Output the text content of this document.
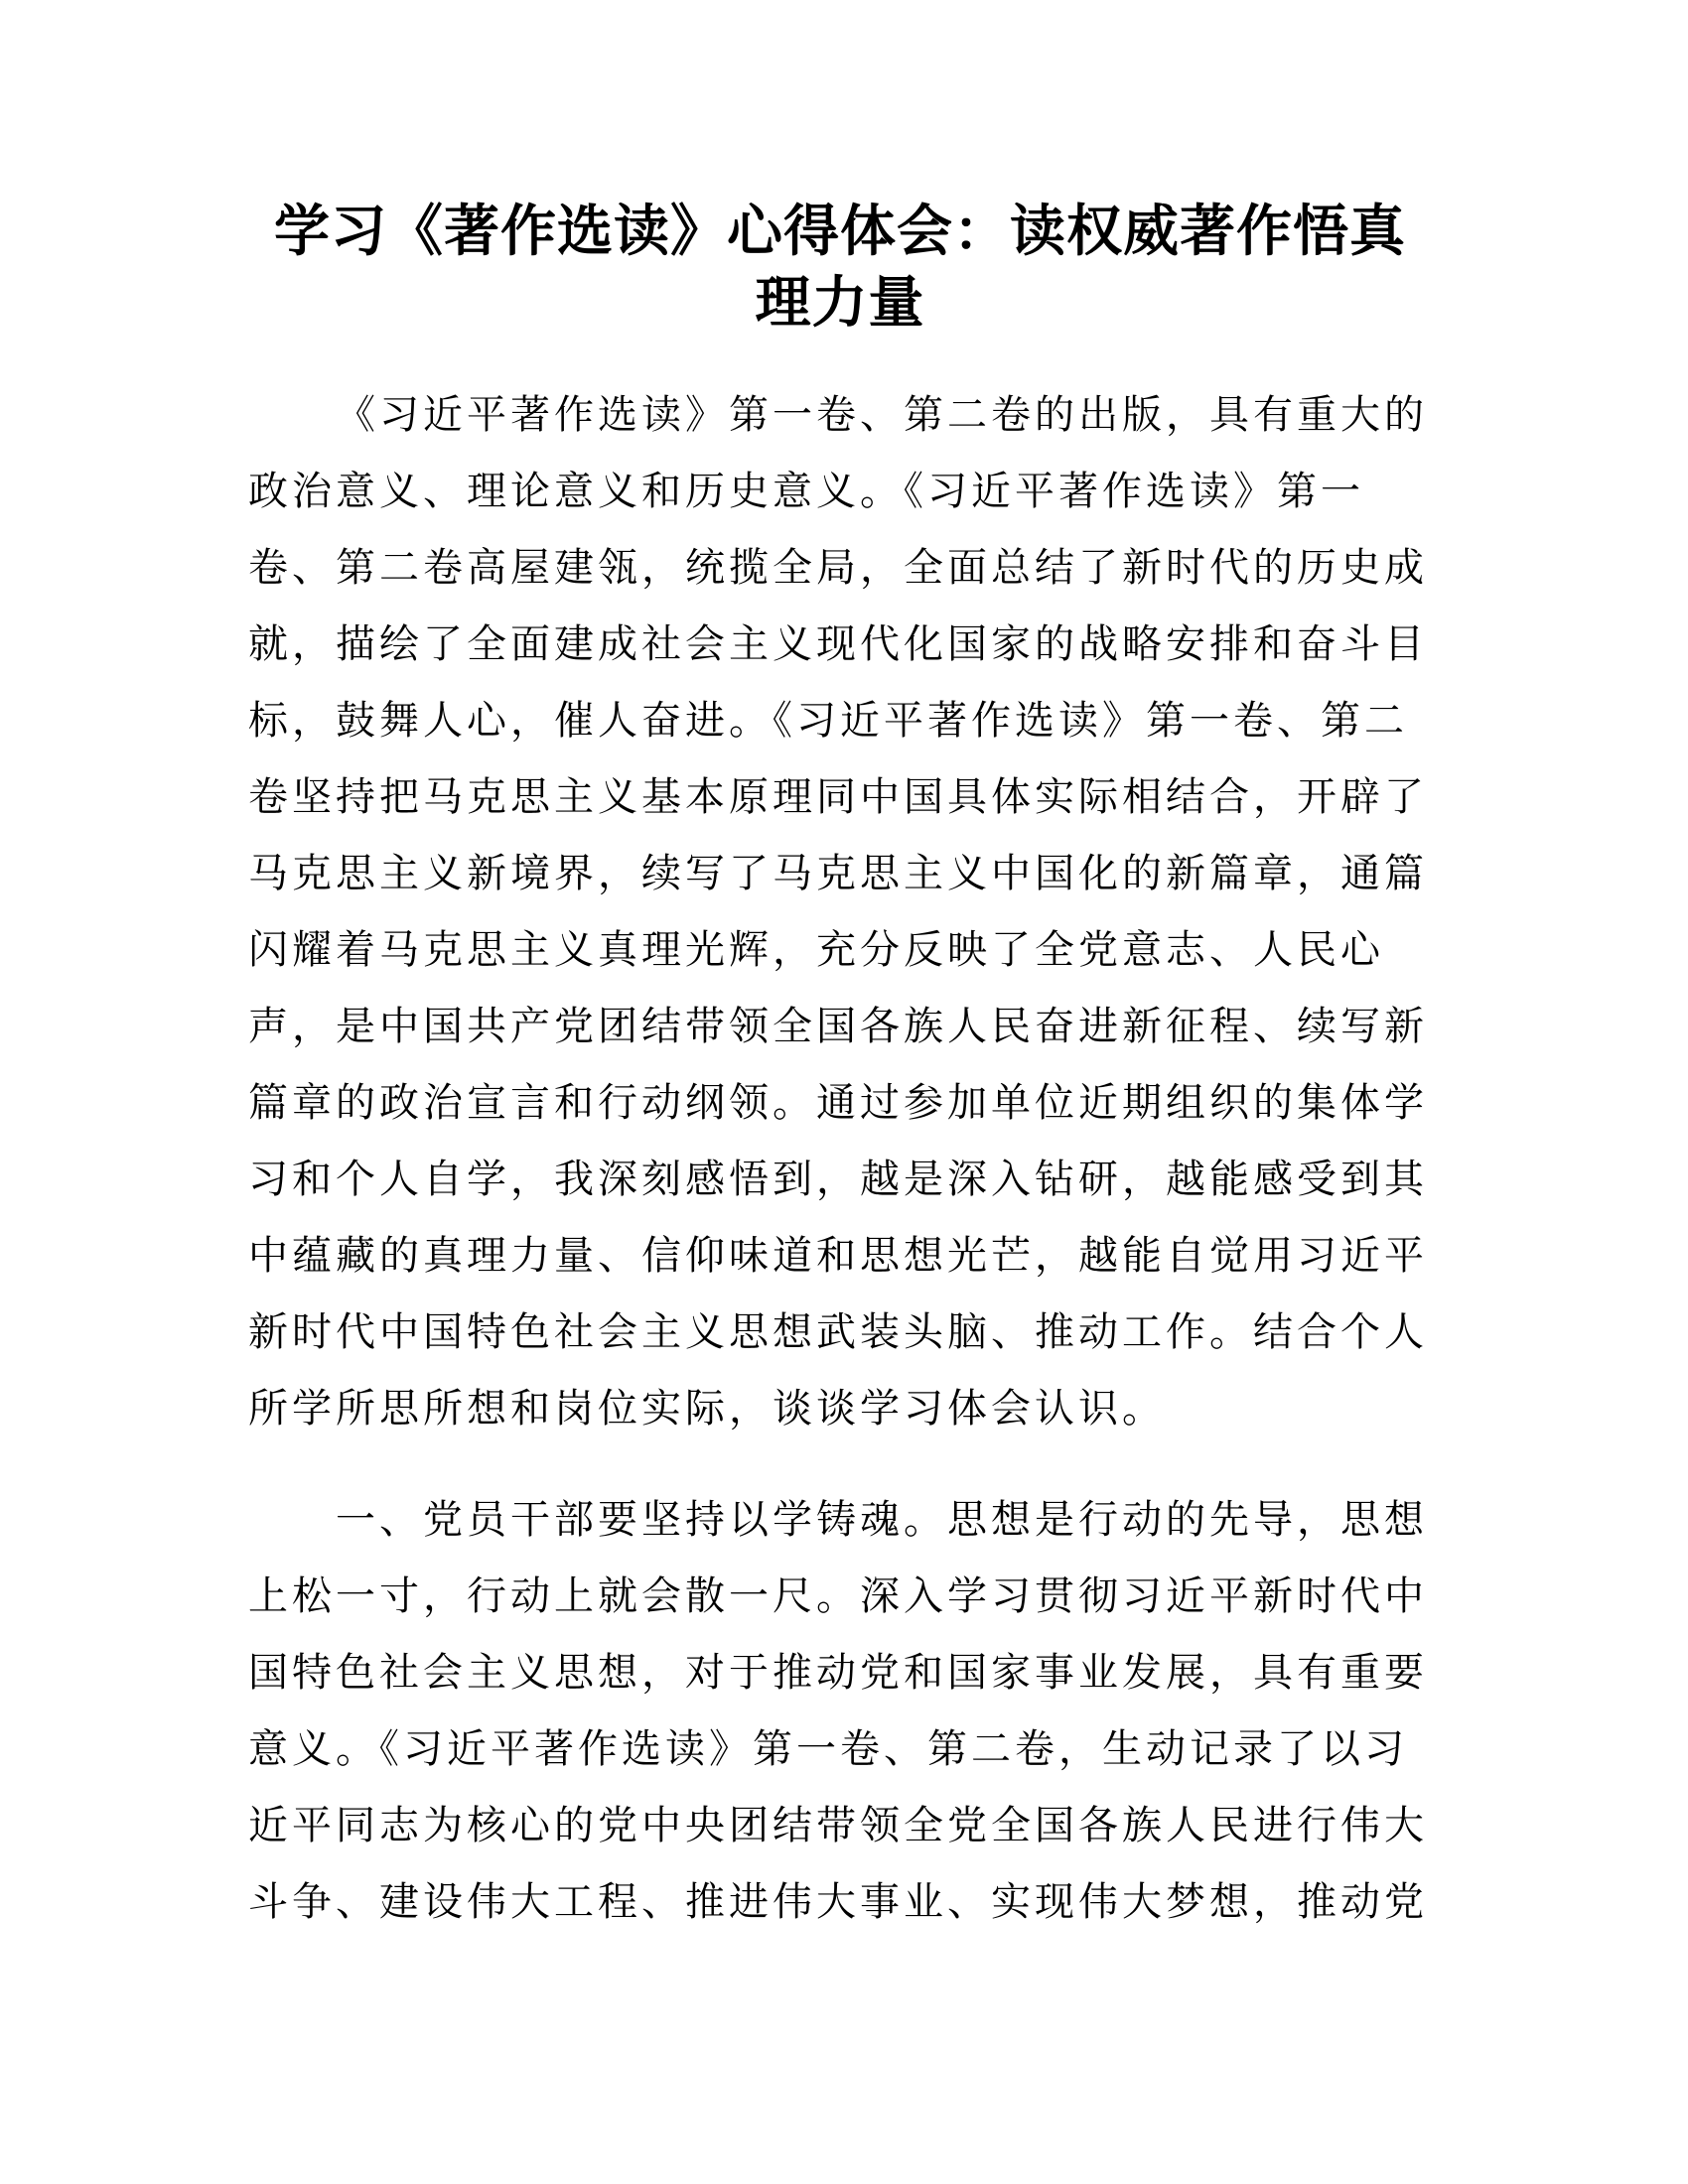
学习《著作选读》心得体会：读权威著作悟真
理力量
《习近平著作选读》第一卷、第二卷的出版，具有重大的
政治意义、理论意义和历史意义。《习近平著作选读》第一
卷、第二卷高屋建瓴，统揽全局，全面总结了新时代的历史成
就，描绘了全面建成社会主义现代化国家的战略安排和奋斗目
标，鼓舞人心，催人奋进。《习近平著作选读》第一卷、第二
卷坚持把马克思主义基本原理同中国具体实际相结合，开辟了
马克思主义新境界，续写了马克思主义中国化的新篇章，通篇
闪耀着马克思主义真理光辉，充分反映了全党意志、人民心
声，是中国共产党团结带领全国各族人民奋进新征程、续写新
篇章的政治宣言和行动纲领。通过参加单位近期组织的集体学
习和个人自学，我深刻感悟到，越是深入钻研，越能感受到其
中蕴藏的真理力量、信仰味道和思想光芒，越能自觉用习近平
新时代中国特色社会主义思想武装头脑、推动工作。结合个人
所学所思所想和岗位实际，谈谈学习体会认识。
一、党员干部要坚持以学铸魂。思想是行动的先导，思想
上松一寸，行动上就会散一尺。深入学习贯彻习近平新时代中
国特色社会主义思想，对于推动党和国家事业发展，具有重要
意义。《习近平著作选读》第一卷、第二卷，生动记录了以习
近平同志为核心的党中央团结带领全党全国各族人民进行伟大
斗争、建设伟大工程、推进伟大事业、实现伟大梦想，推动党
